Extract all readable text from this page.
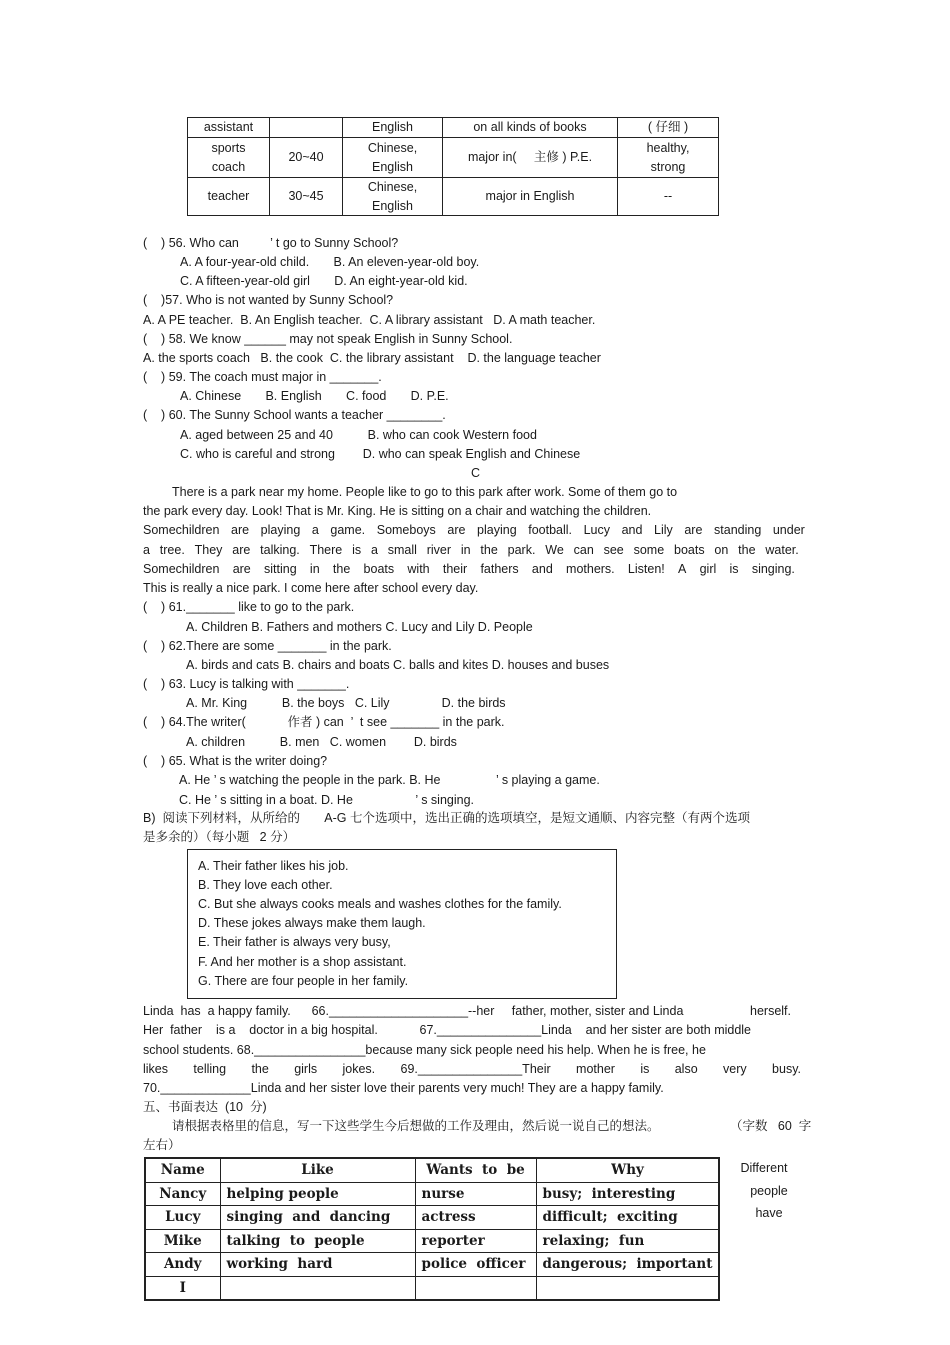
assistant		English	on all kinds of books	( 仔细 )
sports coach	20~40	Chinese, English	major in(     主修 ) P.E.	healthy, strong
teacher	30~45	Chinese, English	major in English	--
(    ) 56. Who can         ’ t go to Sunny School?
A. A four-year-old child.       B. An eleven-year-old boy.
C. A fifteen-year-old girl       D. An eight-year-old kid.
(    )57. Who is not wanted by Sunny School?
A. A PE teacher.  B. An English teacher.  C. A library assistant   D. A math teacher.
(    ) 58. We know ______ may not speak English in Sunny School.
A. the sports coach   B. the cook  C. the library assistant    D. the language teacher
(    ) 59. The coach must major in _______.
A. Chinese       B. English       C. food       D. P.E.
(    ) 60. The Sunny School wants a teacher ________.
A. aged between 25 and 40          B. who can cook Western food
C. who is careful and strong        D. who can speak English and Chinese
C
There is a park near my home. People like to go to this park after work. Some of them go to
the park every day. Look! That is Mr. King. He is sitting on a chair and watching the children.
Somechildren are playing a game. Someboys are playing football. Lucy and Lily are standing under
a tree. They are talking. There is a small river in the park. We can see some boats on the water.
Somechildren are sitting in the boats with their fathers and mothers. Listen! A girl is singing.
This is really a nice park. I come here after school every day.
(    ) 61._______ like to go to the park.
A. Children B. Fathers and mothers C. Lucy and Lily D. People
(    ) 62.There are some _______ in the park.
A. birds and cats B. chairs and boats C. balls and kites D. houses and buses
(    ) 63. Lucy is talking with _______.
A. Mr. King          B. the boys   C. Lily               D. the birds
(    ) 64.The writer(            作者 ) can  ’  t see _______ in the park.
A. children          B. men   C. women        D. birds
(    ) 65. What is the writer doing?
A. He ’ s watching the people in the park. B. He                ’ s playing a game.
C. He ’ s sitting in a boat. D. He                  ’ s singing.
B)  阅读下列材料，从所给的       A-G 七个选项中，选出正确的选项填空，是短文通顺、内容完整（有两个选项
是多余的）（每小题   2 分）
A. Their father likes his job.
B. They love each other.
C. But she always cooks meals and washes clothes for the family.
D. These jokes always make them laugh.
E. Their father is always very busy,
F. And her mother is a shop assistant.
G. There are four people in her family.
Linda  has  a happy family.      66.____________________--her     father, mother, sister and Linda	herself.
Her  father    is a    doctor in a big hospital.            67._______________Linda    and her sister are both middle
school students. 68.________________because many sick people need his help. When he is free, he
likes telling the girls jokes. 69._______________Their mother is also very busy.
70._____________Linda and her sister love their parents very much! They are a happy family.
五、书面表达  (10  分)
请根据表格里的信息，写一下这些学生今后想做的工作及理由，然后说一说自己的想法。	（字数   60  字
左右）
Name	Like	Wants  to  be	Why
Nancy	helping people	nurse	busy;  interesting
Lucy	singing  and  dancing	actress	difficult;  exciting
Mike	talking  to  people	reporter	relaxing;  fun
Andy	working  hard	police  officer	dangerous;  important
I			
Different
people
have
